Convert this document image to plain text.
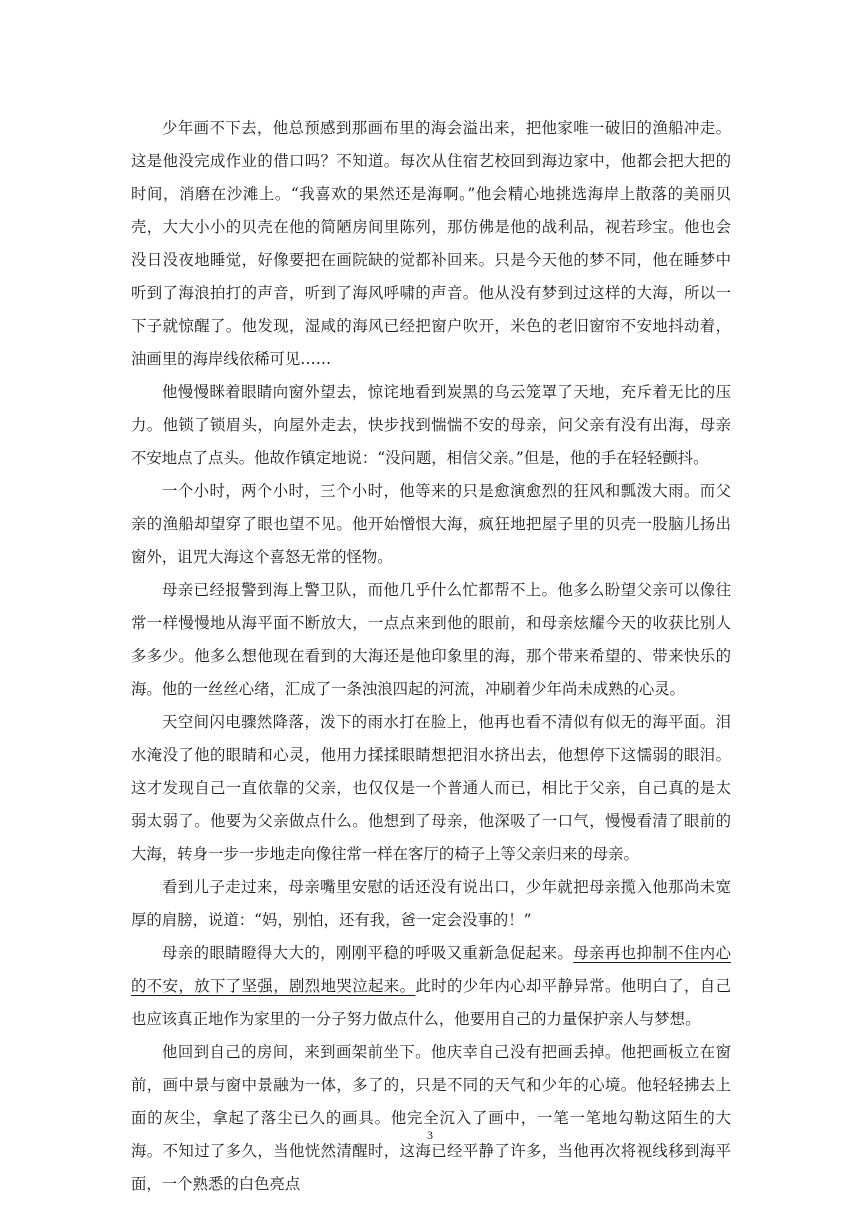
少年画不下去，他总预感到那画布里的海会溢出来，把他家唯一破旧的渔船冲走。这是他没完成作业的借口吗？不知道。每次从住宿艺校回到海边家中，他都会把大把的时间，消磨在沙滩上。“我喜欢的果然还是海啊。”他会精心地挑选海岸上散落的美丽贝壳，大大小小的贝壳在他的简陋房间里陈列，那仿佛是他的战利品，视若珍宝。他也会没日没夜地睡觉，好像要把在画院缺的觉都补回来。只是今天他的梦不同，他在睡梦中听到了海浪拍打的声音，听到了海风呼啸的声音。他从没有梦到过这样的大海，所以一下子就惊醒了。他发现，湿咸的海风已经把窗户吹开，米色的老旧窗帘不安地抖动着，油画里的海岸线依稀可见……

他慢慢眯着眼睛向窗外望去，惊诧地看到炭黑的乌云笼罩了天地，充斥着无比的压力。他锁了锁眉头，向屋外走去，快步找到惴惴不安的母亲，问父亲有没有出海，母亲不安地点了点头。他故作镇定地说：“没问题，相信父亲。”但是，他的手在轻轻颤抖。

一个小时，两个小时，三个小时，他等来的只是愈演愈烈的狂风和瓢泼大雨。而父亲的渔船却望穿了眼也望不见。他开始憎恨大海，疯狂地把屋子里的贝壳一股脑儿扬出窗外，诅咒大海这个喜怒无常的怪物。

母亲已经报警到海上警卫队，而他几乎什么忙都帮不上。他多么盼望父亲可以像往常一样慢慢地从海平面不断放大，一点点来到他的眼前，和母亲炫耀今天的收获比别人多多少。他多么想他现在看到的大海还是他印象里的海，那个带来希望的、带来快乐的海。他的一丝丝心绪，汇成了一条浊浪四起的河流，冲刷着少年尚未成熟的心灵。

天空间闪电骤然降落，泼下的雨水打在脸上，他再也看不清似有似无的海平面。泪水淹没了他的眼睛和心灵，他用力揉揉眼睛想把泪水挤出去，他想停下这懦弱的眼泪。这才发现自己一直依靠的父亲，也仅仅是一个普通人而已，相比于父亲，自己真的是太弱太弱了。他要为父亲做点什么。他想到了母亲，他深吸了一口气，慢慢看清了眼前的大海，转身一步一步地走向像往常一样在客厅的椅子上等父亲归来的母亲。

看到儿子走过来，母亲嘴里安慰的话还没有说出口，少年就把母亲揽入他那尚未宽厚的肩膀，说道：“妈，别怕，还有我，爸一定会没事的！”

母亲的眼睛瞪得大大的，刚刚平稳的呼吸又重新急促起来。母亲再也抑制不住内心的不安，放下了坚强，剧烈地哭泣起来。此时的少年内心却平静异常。他明白了，自己也应该真正地作为家里的一分子努力做点什么，他要用自己的力量保护亲人与梦想。

他回到自己的房间，来到画架前坐下。他庆幸自己没有把画丢掉。他把画板立在窗前，画中景与窗中景融为一体，多了的，只是不同的天气和少年的心境。他轻轻拂去上面的灰尘，拿起了落尘已久的画具。他完全沉入了画中，一笔一笔地勾勒这陌生的大海。不知过了多久，当他恍然清醒时，这海已经平静了许多，当他再次将视线移到海平面，一个熟悉的白色亮点

3
